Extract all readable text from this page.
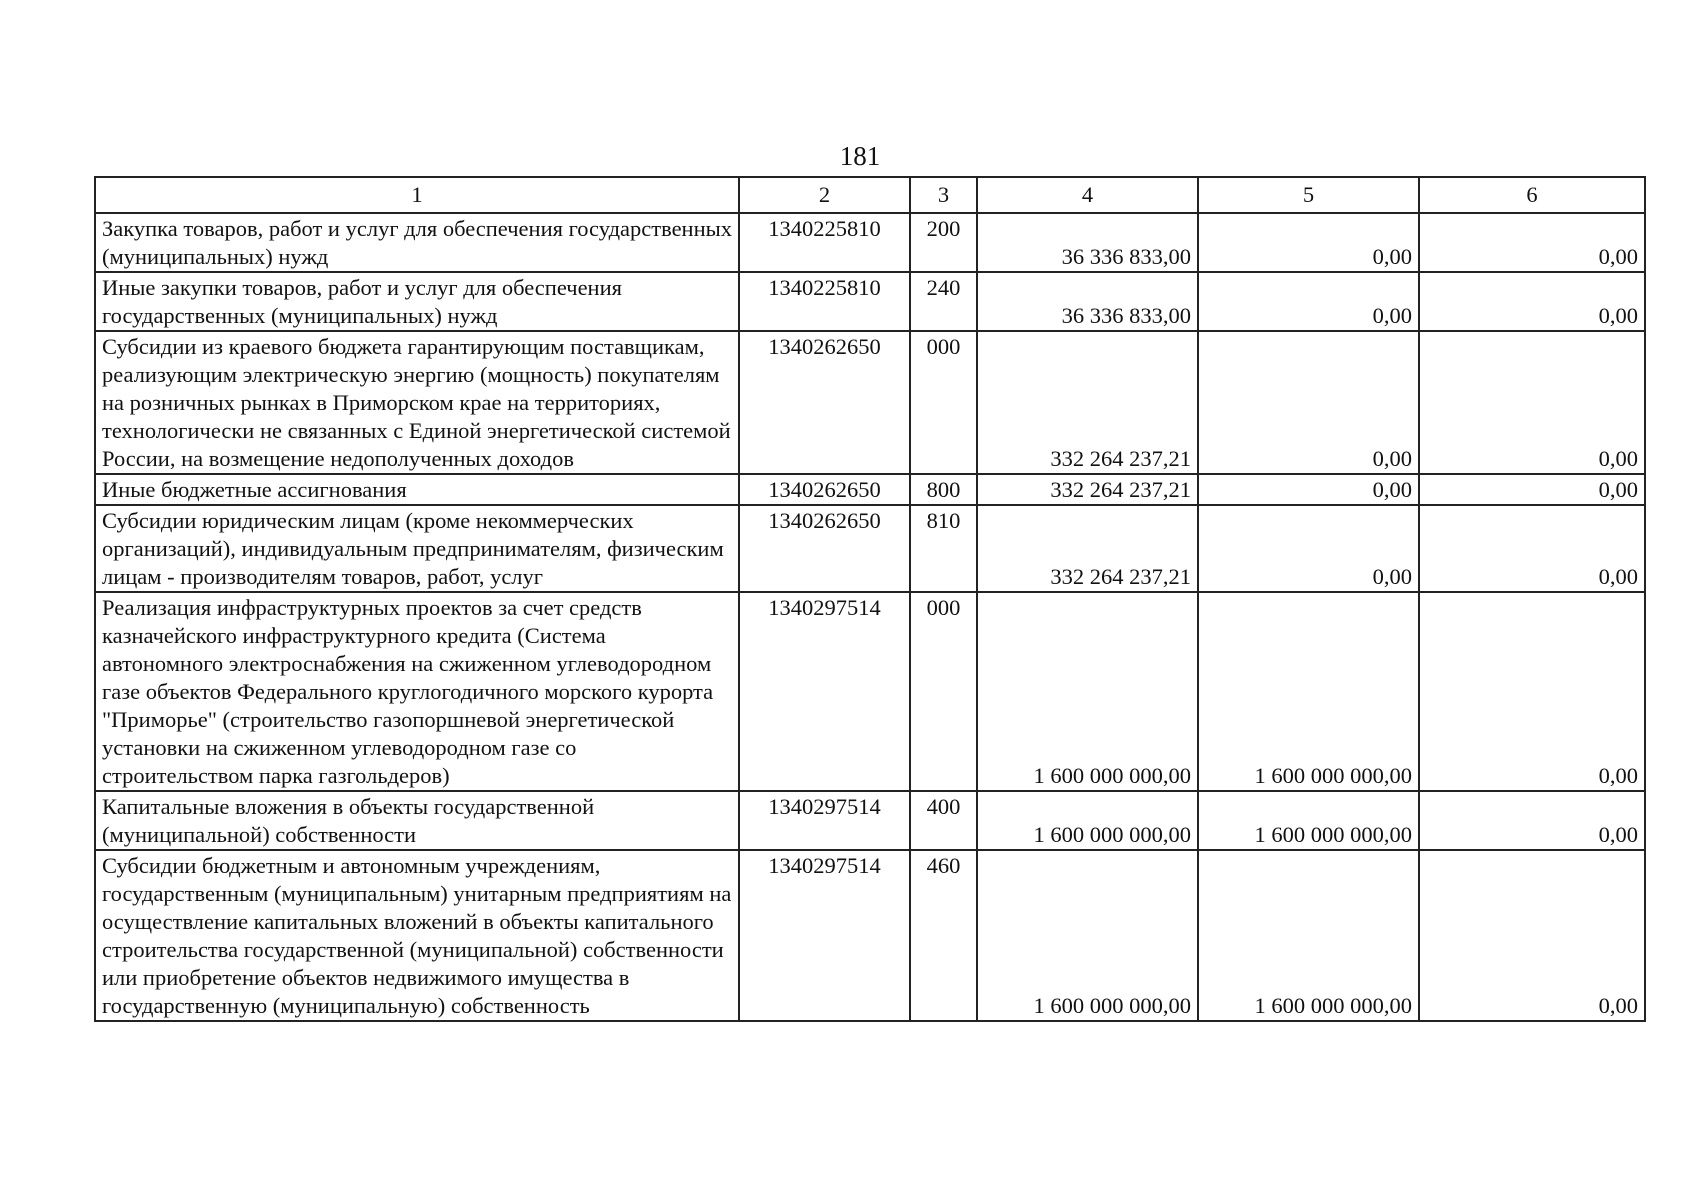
181
1	2	3	4	5	6
Закупка товаров, работ и услуг для обеспечения государственных (муниципальных) нужд	1340225810	200	36 336 833,00	0,00	0,00
Иные закупки товаров, работ и услуг для обеспечения государственных (муниципальных) нужд	1340225810	240	36 336 833,00	0,00	0,00
Субсидии из краевого бюджета гарантирующим поставщикам, реализующим электрическую энергию (мощность) покупателям на розничных рынках в Приморском крае на территориях, технологически не связанных с Единой энергетической системой России, на возмещение недополученных доходов	1340262650	000	332 264 237,21	0,00	0,00
Иные бюджетные ассигнования	1340262650	800	332 264 237,21	0,00	0,00
Субсидии юридическим лицам (кроме некоммерческих организаций), индивидуальным предпринимателям, физическим лицам - производителям товаров, работ, услуг	1340262650	810	332 264 237,21	0,00	0,00
Реализация инфраструктурных проектов за счет средств казначейского инфраструктурного кредита (Система автономного электроснабжения на сжиженном углеводородном газе объектов Федерального круглогодичного морского курорта "Приморье" (строительство газопоршневой энергетической установки на сжиженном углеводородном газе со строительством парка газгольдеров)	1340297514	000	1 600 000 000,00	1 600 000 000,00	0,00
Капитальные вложения в объекты государственной (муниципальной) собственности	1340297514	400	1 600 000 000,00	1 600 000 000,00	0,00
Субсидии бюджетным и автономным учреждениям, государственным (муниципальным) унитарным предприятиям на осуществление капитальных вложений в объекты капитального строительства государственной (муниципальной) собственности или приобретение объектов недвижимого имущества в государственную (муниципальную) собственность	1340297514	460	1 600 000 000,00	1 600 000 000,00	0,00
